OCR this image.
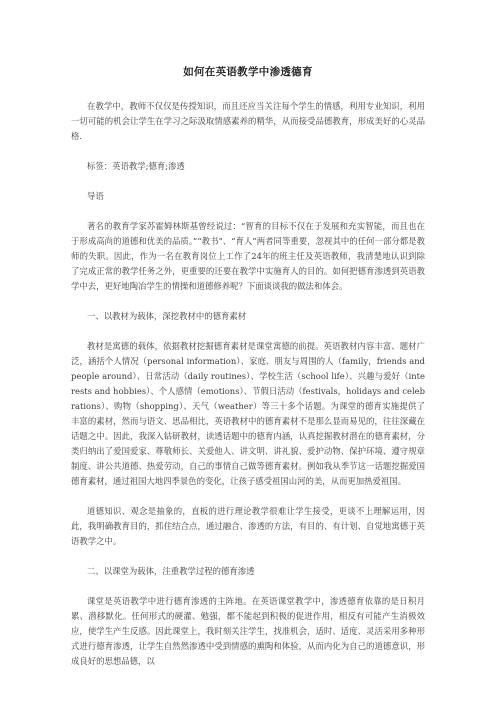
如何在英语教学中渗透德育

在教学中，教师不仅仅是传授知识，而且还应当关注每个学生的情感，利用专业知识，利用一切可能的机会让学生在学习之际汲取情感素养的精华，从而接受品德教育，形成美好的心灵品格.

标签：英语教学;德育;渗透

导语

著名的教育学家苏霍姆林斯基曾经说过：“智育的目标不仅在于发展和充实智能，而且也在于形成高尚的道德和优美的品质。”“教书”、“育人”两者同等重要，忽视其中的任何一部分都是教师的失职。因此，作为一名在教育岗位上工作了24年的班主任及英语教师，我清楚地认识到除了完成正常的教学任务之外，更重要的还要在教学中实施育人的目的。如何把德育渗透到英语教学中去，更好地陶冶学生的情操和道德修养呢？下面谈谈我的做法和体会。

一、以教材为载体，深挖教材中的德育素材

教材是寓德的载体，依据教材挖掘德育素材是课堂寓德的前提。英语教材内容丰富、题材广泛，涵括个人情况（personal information）、家庭、朋友与周围的人（family，friends and people around）、日常活动（daily routines）、学校生活（school life）、兴趣与爱好（interests and hobbies）、个人感情（emotions）、节假日活动（festivals，holidays and celebrations）、购物（shopping）、天气（weather）等三十多个话题。为课堂的德育实施提供了丰富的素材，然而与语文、思品相比，英语教材中的德育素材不是那么显而易见的，往往深藏在话题之中。因此，我深入钻研教材，读透话题中的德育内涵，认真挖掘教材潜在的德育素材，分类归纳出了爱国爱家、尊敬师长、关爱他人、讲文明、讲礼貌、爱护动物、保护环境、遵守规章制度、讲公共道德、热爱劳动，自己的事情自己做等德育素材。例如我从季节这一话题挖掘爱国德育素材，通过祖国大地四季景色的变化，让孩子感受祖国山河的美，从而更加热爱祖国。

道德知识、观念是抽象的，直板的进行理论教学很难让学生接受，更谈不上理解运用，因此，我明确教育目的，抓住结合点，通过融合、渗透的方法，有目的、有计划、自觉地寓德于英语教学之中。

二、以课堂为载体，注重教学过程的德育渗透

课堂是英语教学中进行德育渗透的主阵地。在英语课堂教学中，渗透德育依靠的是日积月累、潜移默化。任何形式的硬灌、勉强，都不能起到积极的促进作用，相反有可能产生消极效应，使学生产生反感。因此课堂上，我时刻关注学生，找准机会，适时、适度、灵活采用多种形式进行德育渗透，让学生自然然渗透中受到情感的熏陶和体验，从而内化为自己的道德意识，形成良好的思想品德，以
